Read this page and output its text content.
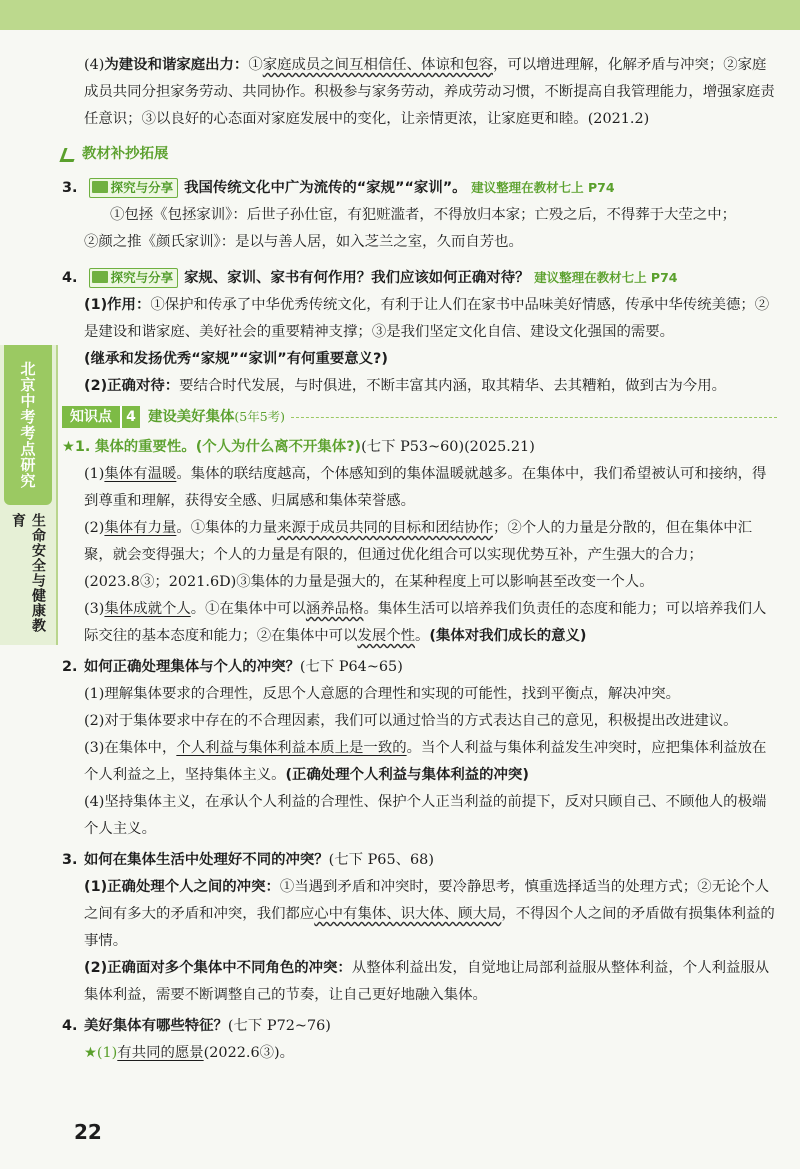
北京中考考点研究
生命安全与健康教育
(4)为建设和谐家庭出力：①家庭成员之间互相信任、体谅和包容，可以增进理解，化解矛盾与冲突；②家庭成员共同分担家务劳动、共同协作。积极参与家务劳动，养成劳动习惯，不断提高自我管理能力，增强家庭责任意识；③以良好的心态面对家庭发展中的变化，让亲情更浓，让家庭更和睦。(2021.2)
教材补抄拓展
3.	探究与分享 我国传统文化中广为流传的“家规”“家训”。 建议整理在教材七上 P74
①包拯《包拯家训》：后世子孙仕宦，有犯赃滥者，不得放归本家；亡殁之后，不得葬于大茔之中；
②颜之推《颜氏家训》：是以与善人居，如入芝兰之室，久而自芳也。
4.	探究与分享 家规、家训、家书有何作用？我们应该如何正确对待？ 建议整理在教材七上 P74
(1)作用：①保护和传承了中华优秀传统文化，有利于让人们在家书中品味美好情感，传承中华传统美德；②是建设和谐家庭、美好社会的重要精神支撑；③是我们坚定文化自信、建设文化强国的需要。
(继承和发扬优秀“家规”“家训”有何重要意义?)
(2)正确对待：要结合时代发展，与时俱进，不断丰富其内涵，取其精华、去其糟粕，做到古为今用。
知识点	4 建设美好集体(5年5考)
★1. 集体的重要性。(个人为什么离不开集体?)(七下 P53~60)(2025.21)
(1)集体有温暖。集体的联结度越高，个体感知到的集体温暖就越多。在集体中，我们希望被认可和接纳，得到尊重和理解，获得安全感、归属感和集体荣誉感。
(2)集体有力量。①集体的力量来源于成员共同的目标和团结协作；②个人的力量是分散的，但在集体中汇聚，就会变得强大；个人的力量是有限的，但通过优化组合可以实现优势互补，产生强大的合力；(2023.8③；2021.6D)③集体的力量是强大的，在某种程度上可以影响甚至改变一个人。
(3)集体成就个人。①在集体中可以涵养品格。集体生活可以培养我们负责任的态度和能力；可以培养我们人际交往的基本态度和能力；②在集体中可以发展个性。(集体对我们成长的意义)
2. 如何正确处理集体与个人的冲突？(七下 P64~65)
(1)理解集体要求的合理性，反思个人意愿的合理性和实现的可能性，找到平衡点，解决冲突。
(2)对于集体要求中存在的不合理因素，我们可以通过恰当的方式表达自己的意见，积极提出改进建议。
(3)在集体中，个人利益与集体利益本质上是一致的。当个人利益与集体利益发生冲突时，应把集体利益放在个人利益之上，坚持集体主义。(正确处理个人利益与集体利益的冲突)
(4)坚持集体主义，在承认个人利益的合理性、保护个人正当利益的前提下，反对只顾自己、不顾他人的极端个人主义。
3. 如何在集体生活中处理好不同的冲突？(七下 P65、68)
(1)正确处理个人之间的冲突：①当遇到矛盾和冲突时，要冷静思考，慎重选择适当的处理方式；②无论个人之间有多大的矛盾和冲突，我们都应心中有集体、识大体、顾大局，不得因个人之间的矛盾做有损集体利益的事情。
(2)正确面对多个集体中不同角色的冲突：从整体利益出发，自觉地让局部利益服从整体利益，个人利益服从集体利益，需要不断调整自己的节奏，让自己更好地融入集体。
4. 美好集体有哪些特征？(七下 P72~76)
★(1)有共同的愿景(2022.6③)。
22
